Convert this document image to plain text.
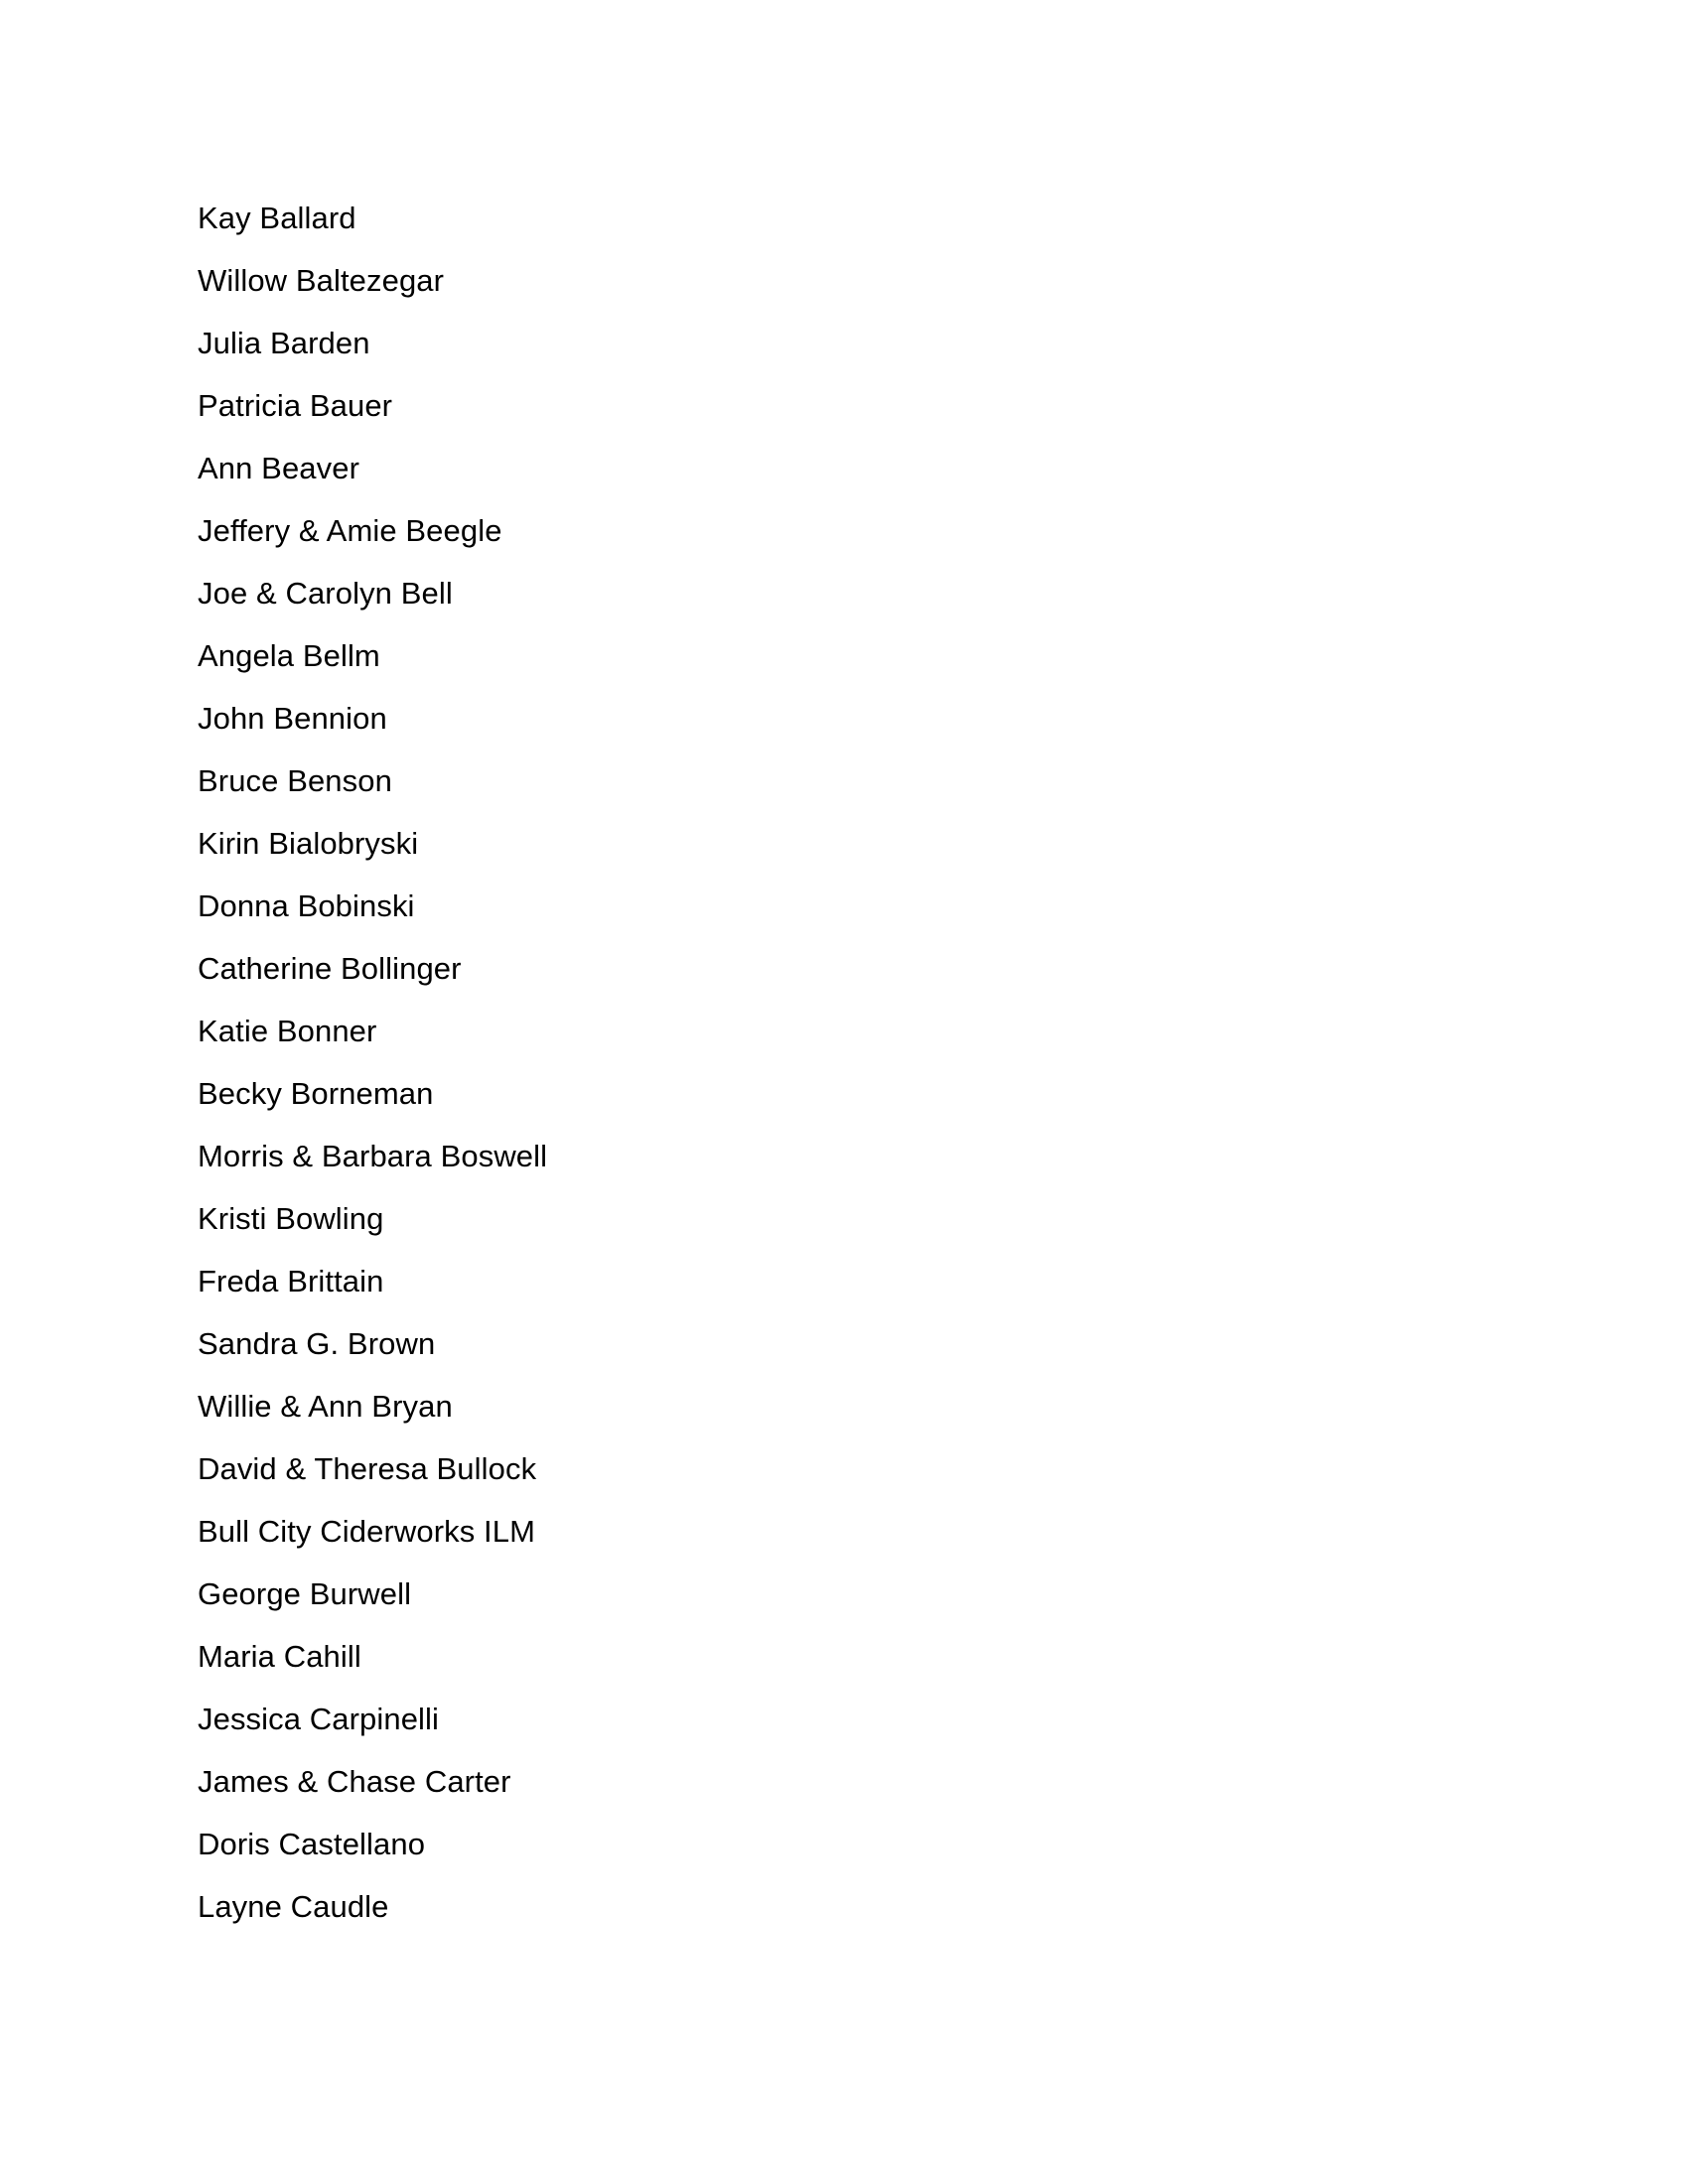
Kay Ballard
Willow Baltezegar
Julia Barden
Patricia Bauer
Ann Beaver
Jeffery & Amie Beegle
Joe & Carolyn Bell
Angela Bellm
John Bennion
Bruce Benson
Kirin Bialobryski
Donna Bobinski
Catherine Bollinger
Katie Bonner
Becky Borneman
Morris & Barbara Boswell
Kristi Bowling
Freda Brittain
Sandra G. Brown
Willie & Ann Bryan
David & Theresa Bullock
Bull City Ciderworks ILM
George Burwell
Maria Cahill
Jessica Carpinelli
James & Chase Carter
Doris Castellano
Layne Caudle
